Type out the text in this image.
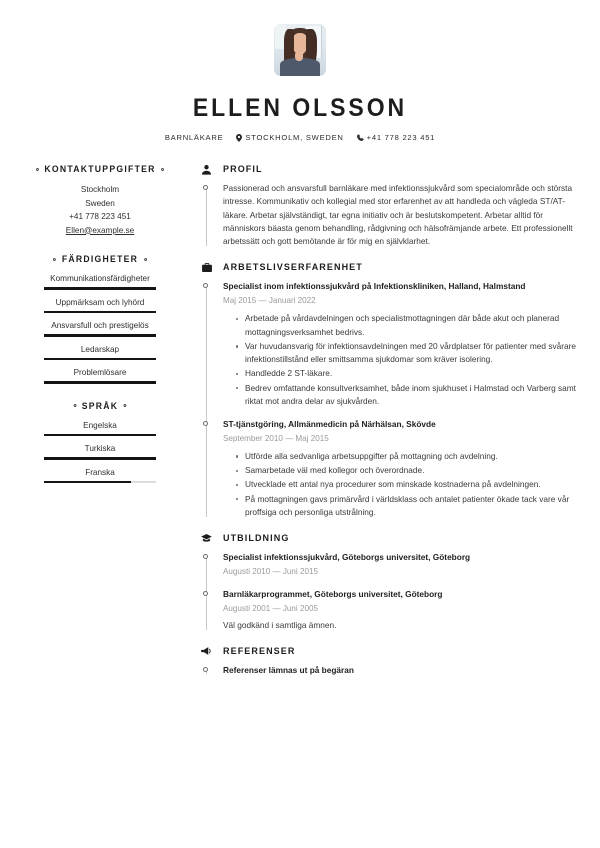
ELLEN OLSSON
BARNLÄKARE	STOCKHOLM, SWEDEN	+41 778 223 451
KONTAKTUPPGIFTER
Stockholm
Sweden
+41 778 223 451
Ellen@example.se
FÄRDIGHETER
Kommunikationsfärdigheter
Uppmärksam och lyhörd
Ansvarsfull och prestigelös
Ledarskap
Problemlösare
SPRÅK
Engelska
Turkiska
Franska
PROFIL
Passionerad och ansvarsfull barnläkare med infektionssjukvård som specialområde och största intresse. Kommunikativ och kollegial med stor erfarenhet av att handleda och vägleda ST/AT-läkare. Arbetar självständigt, tar egna initiativ och är beslutskompetent. Arbetar alltid för människors bäasta genom behandling, rådgivning och hälsofrämjande arbete. Ett professionellt arbetssätt och gott bemötande är för mig en självklarhet.
ARBETSLIVSERFARENHET
Specialist inom infektionssjukvård på Infektionskliniken, Halland, Halmstand
Maj 2015 — Januari 2022
Arbetade på vårdavdelningen och specialistmottagningen där både akut och planerad mottagningsverksamhet bedrivs.
Var huvudansvarig för infektionsavdelningen med 20 vårdplatser för patienter med svårare infektionstillstånd eller smittsamma sjukdomar som kräver isolering.
Handledde 2 ST-läkare.
Bedrev omfattande konsultverksamhet, både inom sjukhuset i Halmstad och Varberg samt riktat mot andra delar av sjukvården.
ST-tjänstgöring, Allmänmedicin på Närhälsan, Skövde
September 2010 — Maj 2015
Utförde alla sedvanliga arbetsuppgifter på mottagning och avdelning.
Samarbetade väl med kollegor och överordnade.
Utvecklade ett antal nya procedurer som minskade kostnaderna på avdelningen.
På mottagningen gavs primärvård i världsklass och antalet patienter ökade tack vare vår proffsiga och personliga utstrålning.
UTBILDNING
Specialist infektionssjukvård, Göteborgs universitet, Göteborg
Augusti 2010 — Juni 2015
Barnläkarprogrammet, Göteborgs universitet, Göteborg
Augusti 2001 — Juni 2005
Väl godkänd i samtliga ämnen.
REFERENSER
Referenser lämnas ut på begäran
